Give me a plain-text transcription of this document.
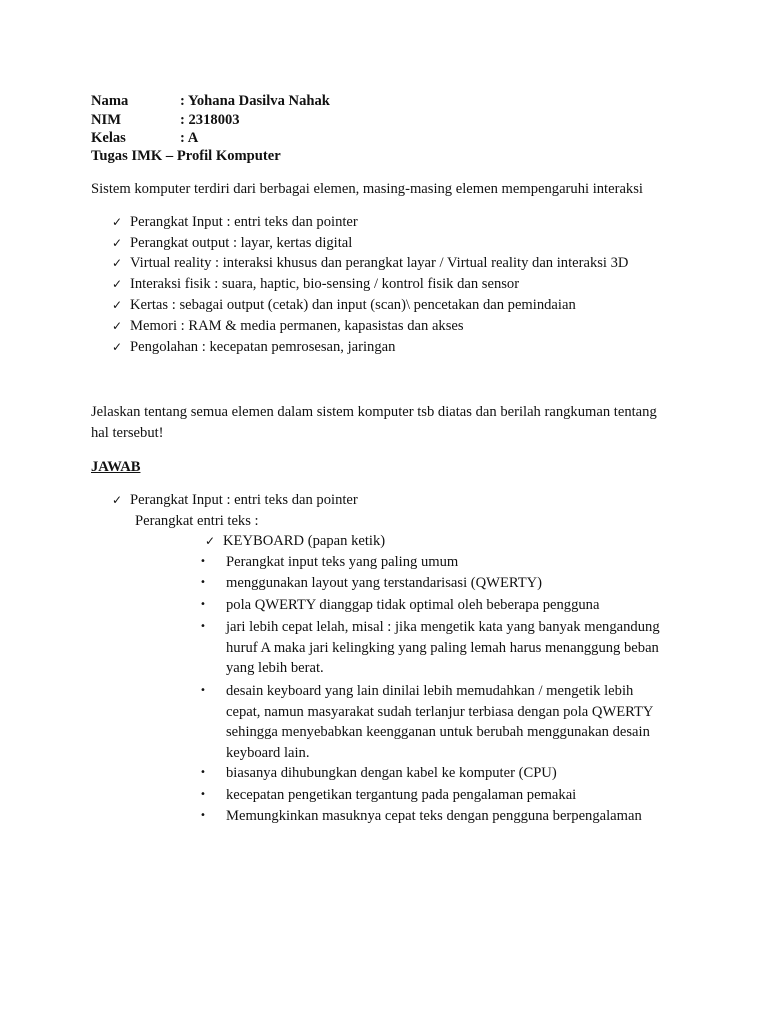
Nama	: Yohana Dasilva Nahak
NIM	: 2318003
Kelas	: A
Tugas IMK – Profil Komputer
Sistem komputer terdiri dari berbagai elemen, masing-masing elemen mempengaruhi interaksi
✓ Perangkat Input : entri teks dan pointer
✓ Perangkat output : layar, kertas digital
✓ Virtual reality : interaksi khusus dan perangkat layar / Virtual reality dan interaksi 3D
✓ Interaksi fisik : suara, haptic, bio-sensing / kontrol fisik dan sensor
✓ Kertas : sebagai output (cetak) dan input (scan)\ pencetakan dan pemindaian
✓ Memori : RAM & media permanen, kapasistas dan akses
✓ Pengolahan : kecepatan pemrosesan, jaringan
Jelaskan tentang semua elemen dalam sistem komputer tsb diatas dan berilah rangkuman tentang
hal tersebut!
JAWAB
✓ Perangkat Input : entri teks dan pointer
Perangkat entri teks :
✓ KEYBOARD (papan ketik)
• Perangkat input teks yang paling umum
• menggunakan layout yang terstandarisasi (QWERTY)
• pola QWERTY dianggap tidak optimal oleh beberapa pengguna
• jari lebih cepat lelah, misal : jika mengetik kata yang banyak mengandung
huruf A maka jari kelingking yang paling lemah harus menanggung beban
yang lebih berat.
• desain keyboard yang lain dinilai lebih memudahkan / mengetik lebih
cepat, namun masyarakat sudah terlanjur terbiasa dengan pola QWERTY
sehingga menyebabkan keengganan untuk berubah menggunakan desain
keyboard lain.
• biasanya dihubungkan dengan kabel ke komputer (CPU)
• kecepatan pengetikan tergantung pada pengalaman pemakai
• Memungkinkan masuknya cepat teks dengan pengguna berpengalaman
